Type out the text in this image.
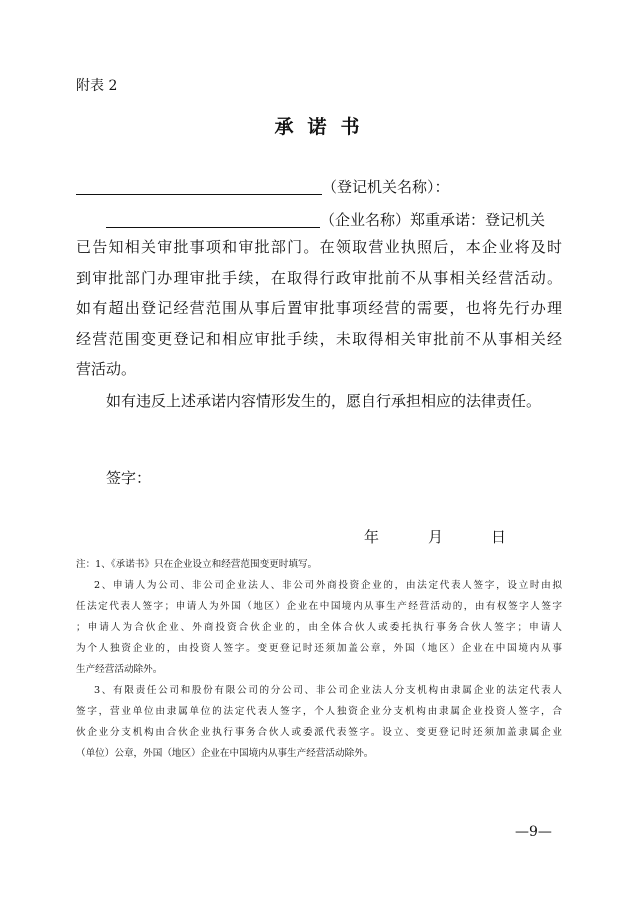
附表 2
承诺书
（登记机关名称）：
（企业名称）郑重承诺：登记机关
已告知相关审批事项和审批部门。在领取营业执照后，本企业将及时
到审批部门办理审批手续，在取得行政审批前不从事相关经营活动。
如有超出登记经营范围从事后置审批事项经营的需要，也将先行办理
经营范围变更登记和相应审批手续，未取得相关审批前不从事相关经
营活动。
如有违反上述承诺内容情形发生的，愿自行承担相应的法律责任。
签字：
年	月	日
注：1、《承诺书》只在企业设立和经营范围变更时填写。
2、申请人为公司、非公司企业法人、非公司外商投资企业的，由法定代表人签字，设立时由拟
任法定代表人签字；申请人为外国（地区）企业在中国境内从事生产经营活动的，由有权签字人签字
；申请人为合伙企业、外商投资合伙企业的，由全体合伙人或委托执行事务合伙人签字；申请人
为个人独资企业的，由投资人签字。变更登记时还须加盖公章，外国（地区）企业在中国境内从事
生产经营活动除外。
3、有限责任公司和股份有限公司的分公司、非公司企业法人分支机构由隶属企业的法定代表人
签字，营业单位由隶属单位的法定代表人签字，个人独资企业分支机构由隶属企业投资人签字，合
伙企业分支机构由合伙企业执行事务合伙人或委派代表签字。设立、变更登记时还须加盖隶属企业
（单位）公章，外国（地区）企业在中国境内从事生产经营活动除外。
—9—
